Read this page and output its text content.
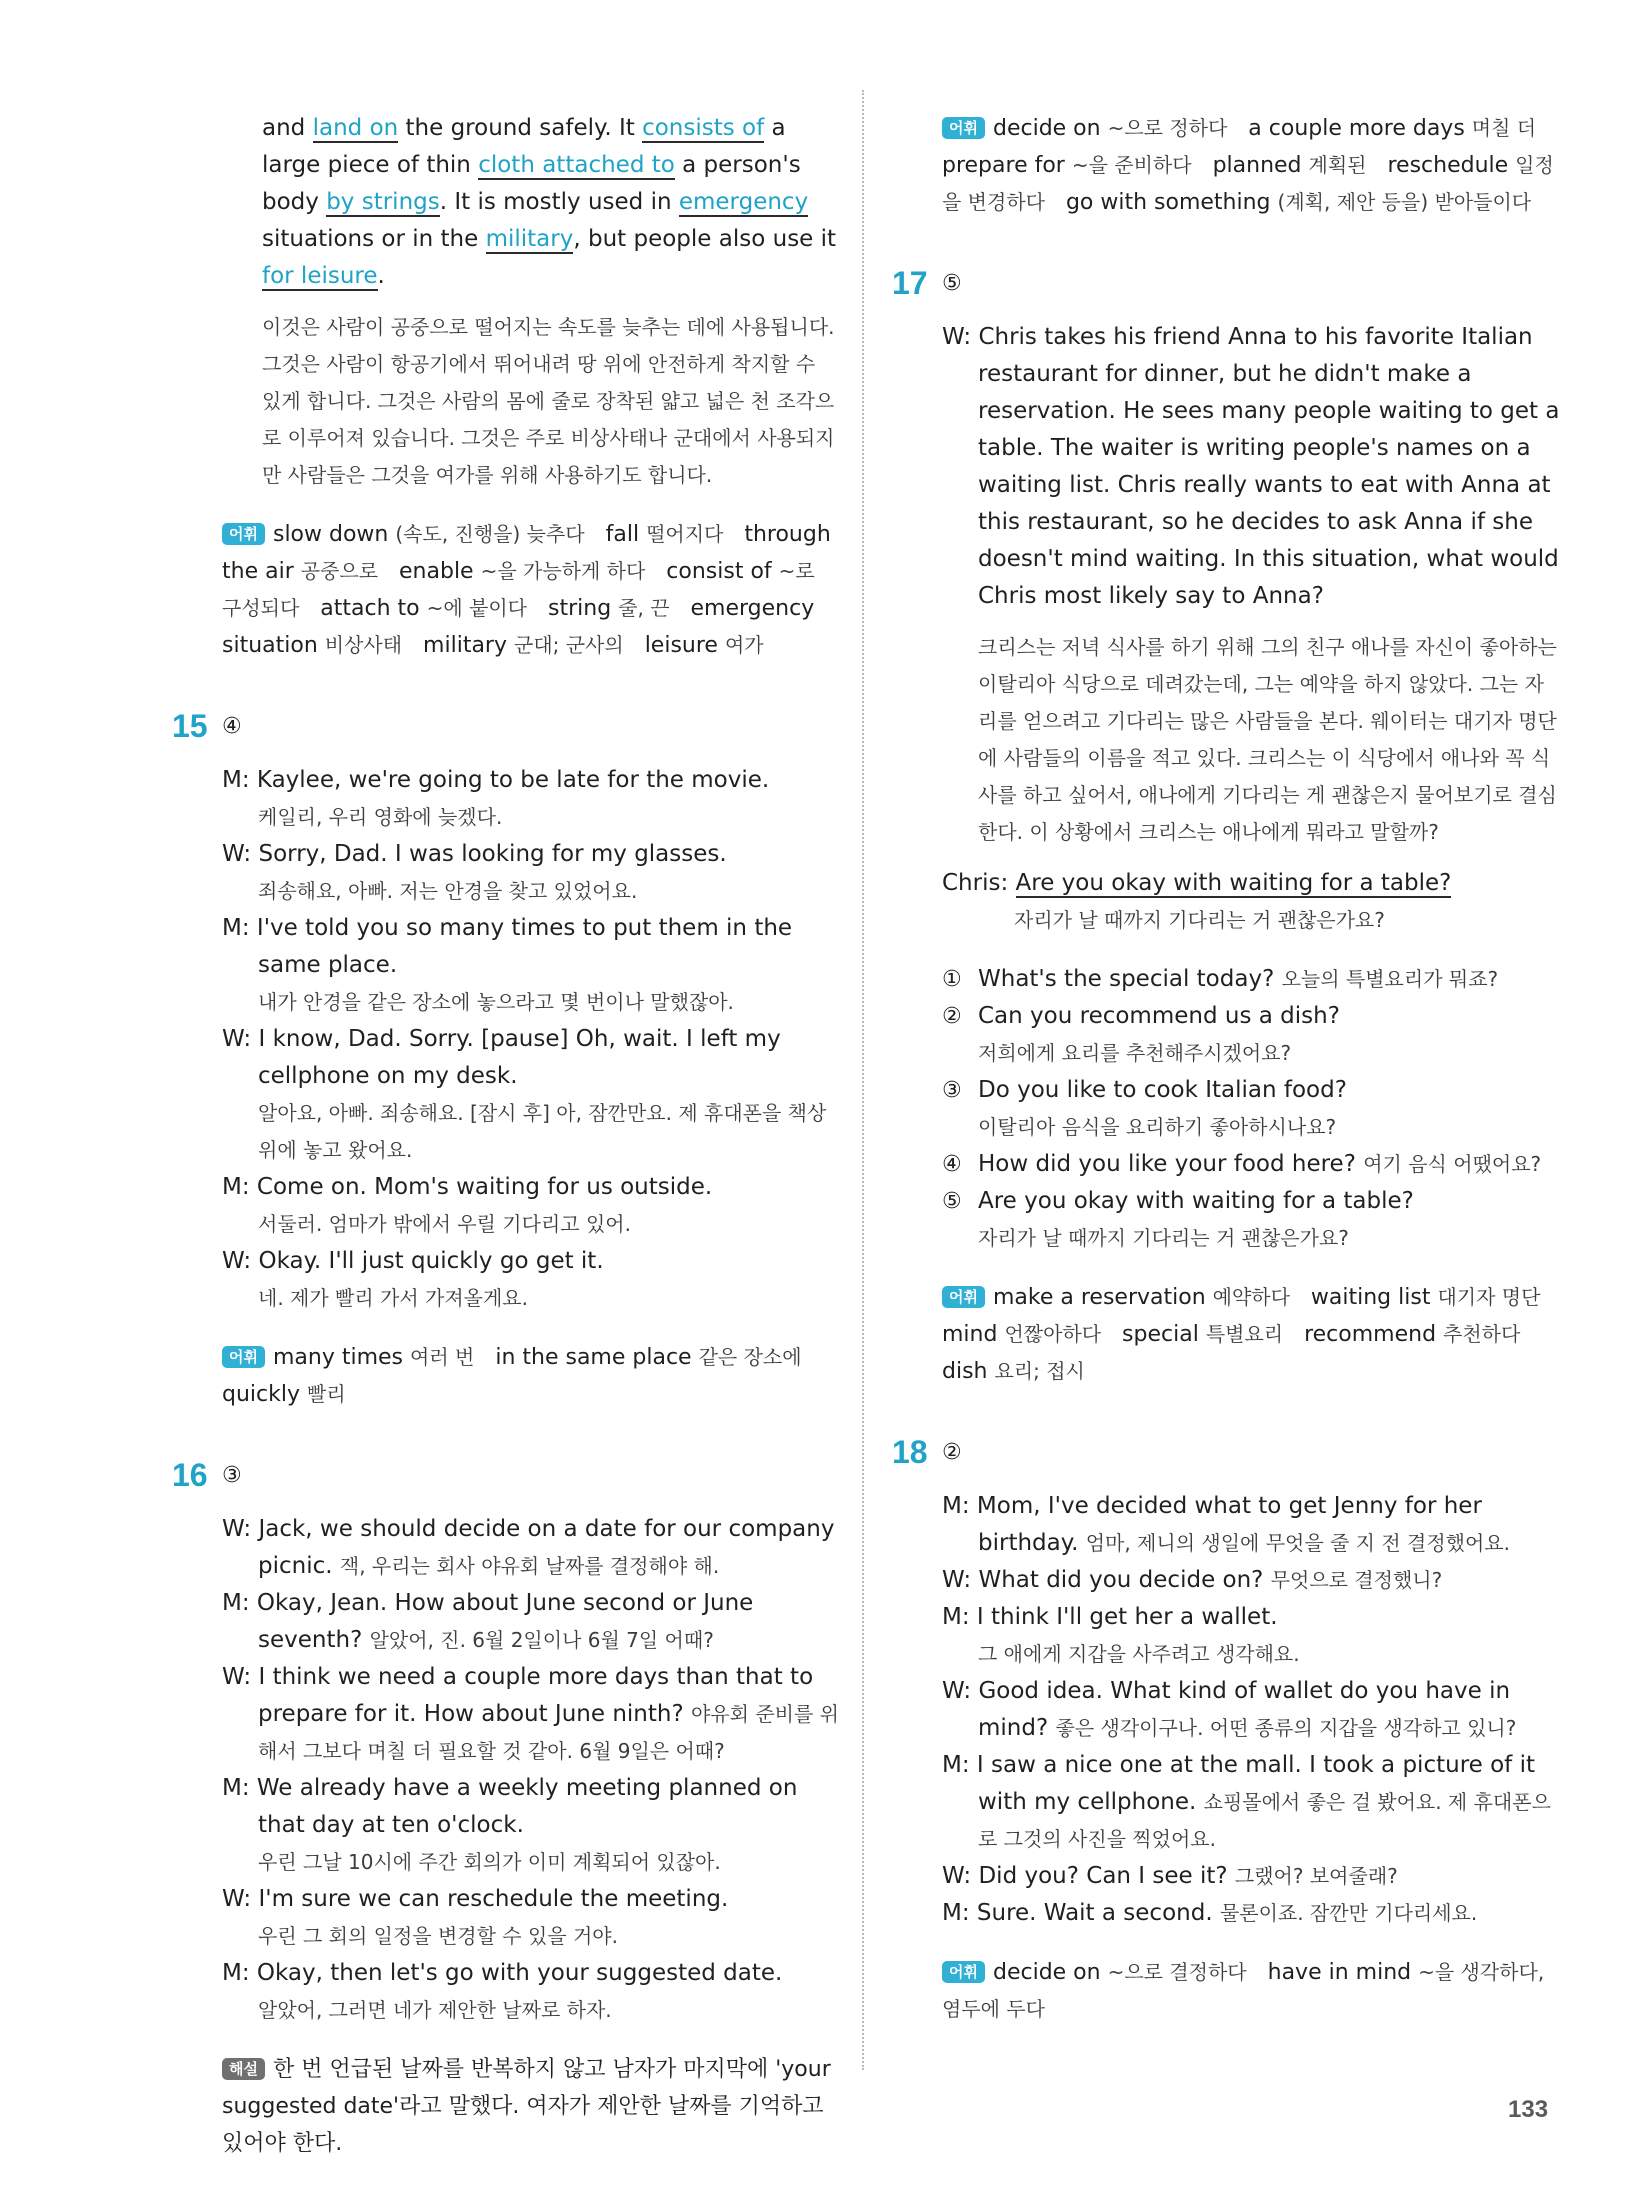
and land on the ground safely. It consists of a large piece of thin cloth attached to a person's body by strings. It is mostly used in emergency situations or in the military, but people also use it for leisure.

이것은 사람이 공중으로 떨어지는 속도를 늦추는 데에 사용됩니다. 그것은 사람이 항공기에서 뛰어내려 땅 위에 안전하게 착지할 수 있게 합니다. 그것은 사람의 몸에 줄로 장착된 얇고 넓은 천 조각으로 이루어져 있습니다. 그것은 주로 비상사태나 군대에서 사용되지만 사람들은 그것을 여가를 위해 사용하기도 합니다.

어휘 slow down (속도, 진행을) 늦추다 fall 떨어지다 through the air 공중으로 enable ~을 가능하게 하다 consist of ~로 구성되다 attach to ~에 붙이다 string 줄, 끈 emergency situation 비상사태 military 군대; 군사의 leisure 여가

15 ④
M: Kaylee, we're going to be late for the movie.
케일리, 우리 영화에 늦겠다.
W: Sorry, Dad. I was looking for my glasses.
죄송해요, 아빠. 저는 안경을 찾고 있었어요.
M: I've told you so many times to put them in the same place.
내가 안경을 같은 장소에 놓으라고 몇 번이나 말했잖아.
W: I know, Dad. Sorry. [pause] Oh, wait. I left my cellphone on my desk.
알아요, 아빠. 죄송해요. [잠시 후] 아, 잠깐만요. 제 휴대폰을 책상 위에 놓고 왔어요.
M: Come on. Mom's waiting for us outside.
서둘러. 엄마가 밖에서 우릴 기다리고 있어.
W: Okay. I'll just quickly go get it.
네. 제가 빨리 가서 가져올게요.

어휘 many times 여러 번 in the same place 같은 장소에   quickly 빨리

16 ③
W: Jack, we should decide on a date for our company picnic. 잭, 우리는 회사 야유회 날짜를 결정해야 해.
M: Okay, Jean. How about June second or June seventh? 알았어, 진. 6월 2일이나 6월 7일 어때?
W: I think we need a couple more days than that to prepare for it. How about June ninth? 야유회 준비를 위해서 그보다 며칠 더 필요할 것 같아. 6월 9일은 어때?
M: We already have a weekly meeting planned on that day at ten o'clock.
우린 그날 10시에 주간 회의가 이미 계획되어 있잖아.
W: I'm sure we can reschedule the meeting.
우린 그 회의 일정을 변경할 수 있을 거야.
M: Okay, then let's go with your suggested date.
알았어, 그러면 네가 제안한 날짜로 하자.

해설 한 번 언급된 날짜를 반복하지 않고 남자가 마지막에 'your suggested date'라고 말했다. 여자가 제안한 날짜를 기억하고 있어야 한다.

어휘 decide on ~으로 정하다 a couple more days 며칠 더   prepare for ~을 준비하다 planned 계획된 reschedule 일정을 변경하다 go with something (계획, 제안 등을) 받아들이다

17 ⑤

W: Chris takes his friend Anna to his favorite Italian restaurant for dinner, but he didn't make a reservation. He sees many people waiting to get a table. The waiter is writing people's names on a waiting list. Chris really wants to eat with Anna at this restaurant, so he decides to ask Anna if she doesn't mind waiting. In this situation, what would Chris most likely say to Anna?

크리스는 저녁 식사를 하기 위해 그의 친구 애나를 자신이 좋아하는 이탈리아 식당으로 데려갔는데, 그는 예약을 하지 않았다. 그는 자리를 얻으려고 기다리는 많은 사람들을 본다. 웨이터는 대기자 명단에 사람들의 이름을 적고 있다. 크리스는 이 식당에서 애나와 꼭 식사를 하고 싶어서, 애나에게 기다리는 게 괜찮은지 물어보기로 결심한다. 이 상황에서 크리스는 애나에게 뭐라고 말할까?

Chris: Are you okay with waiting for a table?
자리가 날 때까지 기다리는 거 괜찮은가요?
① What's the special today? 오늘의 특별요리가 뭐죠?
② Can you recommend us a dish?
저희에게 요리를 추천해주시겠어요?
③ Do you like to cook Italian food?
이탈리아 음식을 요리하기 좋아하시나요?
④ How did you like your food here? 여기 음식 어땠어요?
⑤ Are you okay with waiting for a table?
자리가 날 때까지 기다리는 거 괜찮은가요?

어휘 make a reservation 예약하다 waiting list 대기자 명단   mind 언짢아하다 special 특별요리 recommend 추천하다   dish 요리; 접시

18 ②
M: Mom, I've decided what to get Jenny for her birthday. 엄마, 제니의 생일에 무엇을 줄 지 전 결정했어요.
W: What did you decide on? 무엇으로 결정했니?
M: I think I'll get her a wallet.
그 애에게 지갑을 사주려고 생각해요.
W: Good idea. What kind of wallet do you have in mind? 좋은 생각이구나. 어떤 종류의 지갑을 생각하고 있니?
M: I saw a nice one at the mall. I took a picture of it with my cellphone. 쇼핑몰에서 좋은 걸 봤어요. 제 휴대폰으로 그것의 사진을 찍었어요.
W: Did you? Can I see it? 그랬어? 보여줄래?
M: Sure. Wait a second. 물론이죠. 잠깐만 기다리세요.

어휘 decide on ~으로 결정하다 have in mind ~을 생각하다, 염두에 두다

133
